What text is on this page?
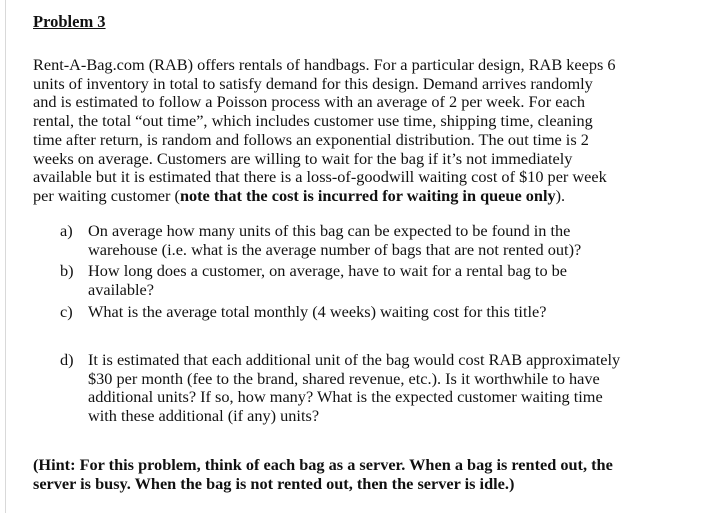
Problem 3
Rent-A-Bag.com (RAB) offers rentals of handbags. For a particular design, RAB keeps 6
units of inventory in total to satisfy demand for this design. Demand arrives randomly
and is estimated to follow a Poisson process with an average of 2 per week. For each
rental, the total “out time”, which includes customer use time, shipping time, cleaning
time after return, is random and follows an exponential distribution. The out time is 2
weeks on average. Customers are willing to wait for the bag if it’s not immediately
available but it is estimated that there is a loss-of-goodwill waiting cost of $10 per week
per waiting customer (note that the cost is incurred for waiting in queue only).
a) On average how many units of this bag can be expected to be found in the
warehouse (i.e. what is the average number of bags that are not rented out)?
b) How long does a customer, on average, have to wait for a rental bag to be
available?
c) What is the average total monthly (4 weeks) waiting cost for this title?
d) It is estimated that each additional unit of the bag would cost RAB approximately
$30 per month (fee to the brand, shared revenue, etc.). Is it worthwhile to have
additional units? If so, how many? What is the expected customer waiting time
with these additional (if any) units?
(Hint: For this problem, think of each bag as a server. When a bag is rented out, the
server is busy. When the bag is not rented out, then the server is idle.)
